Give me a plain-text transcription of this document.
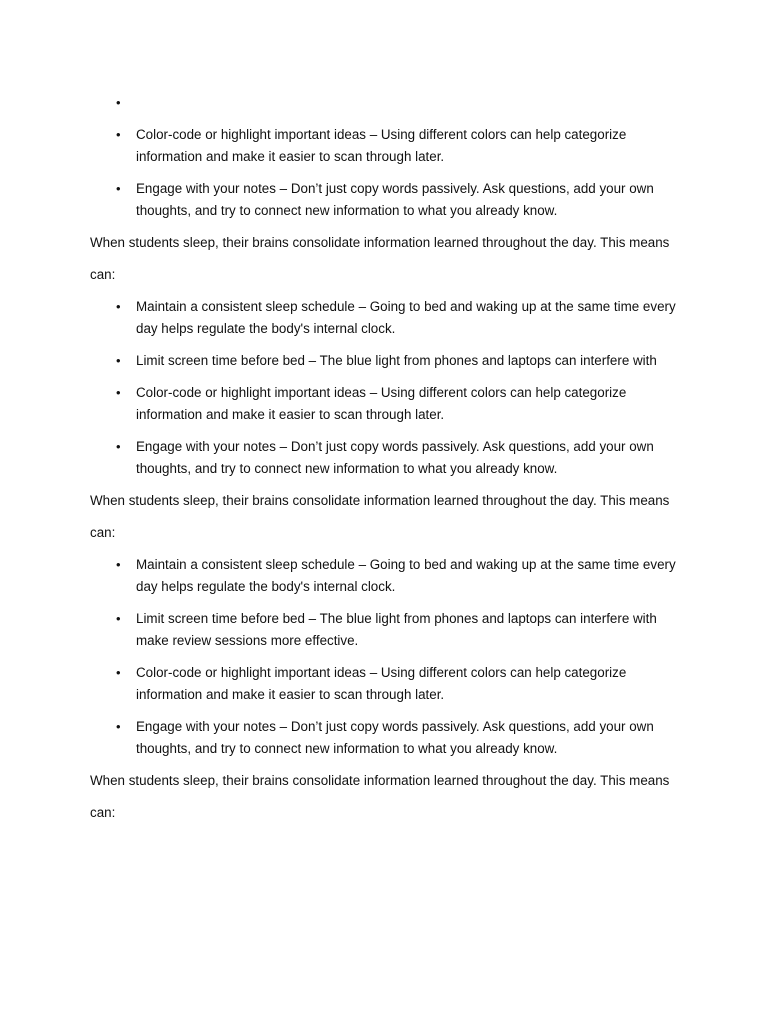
•
• Color-code or highlight important ideas – Using different colors can help categorize information and make it easier to scan through later.
• Engage with your notes – Don’t just copy words passively. Ask questions, add your own thoughts, and try to connect new information to what you already know.

When students sleep, their brains consolidate information learned throughout the day. This means

can:

• Maintain a consistent sleep schedule – Going to bed and waking up at the same time every day helps regulate the body's internal clock.
• Limit screen time before bed – The blue light from phones and laptops can interfere with
• Color-code or highlight important ideas – Using different colors can help categorize information and make it easier to scan through later.
• Engage with your notes – Don’t just copy words passively. Ask questions, add your own thoughts, and try to connect new information to what you already know.

When students sleep, their brains consolidate information learned throughout the day. This means

can:

• Maintain a consistent sleep schedule – Going to bed and waking up at the same time every day helps regulate the body's internal clock.
• Limit screen time before bed – The blue light from phones and laptops can interfere with make review sessions more effective.
• Color-code or highlight important ideas – Using different colors can help categorize information and make it easier to scan through later.
• Engage with your notes – Don’t just copy words passively. Ask questions, add your own thoughts, and try to connect new information to what you already know.

When students sleep, their brains consolidate information learned throughout the day. This means

can:
